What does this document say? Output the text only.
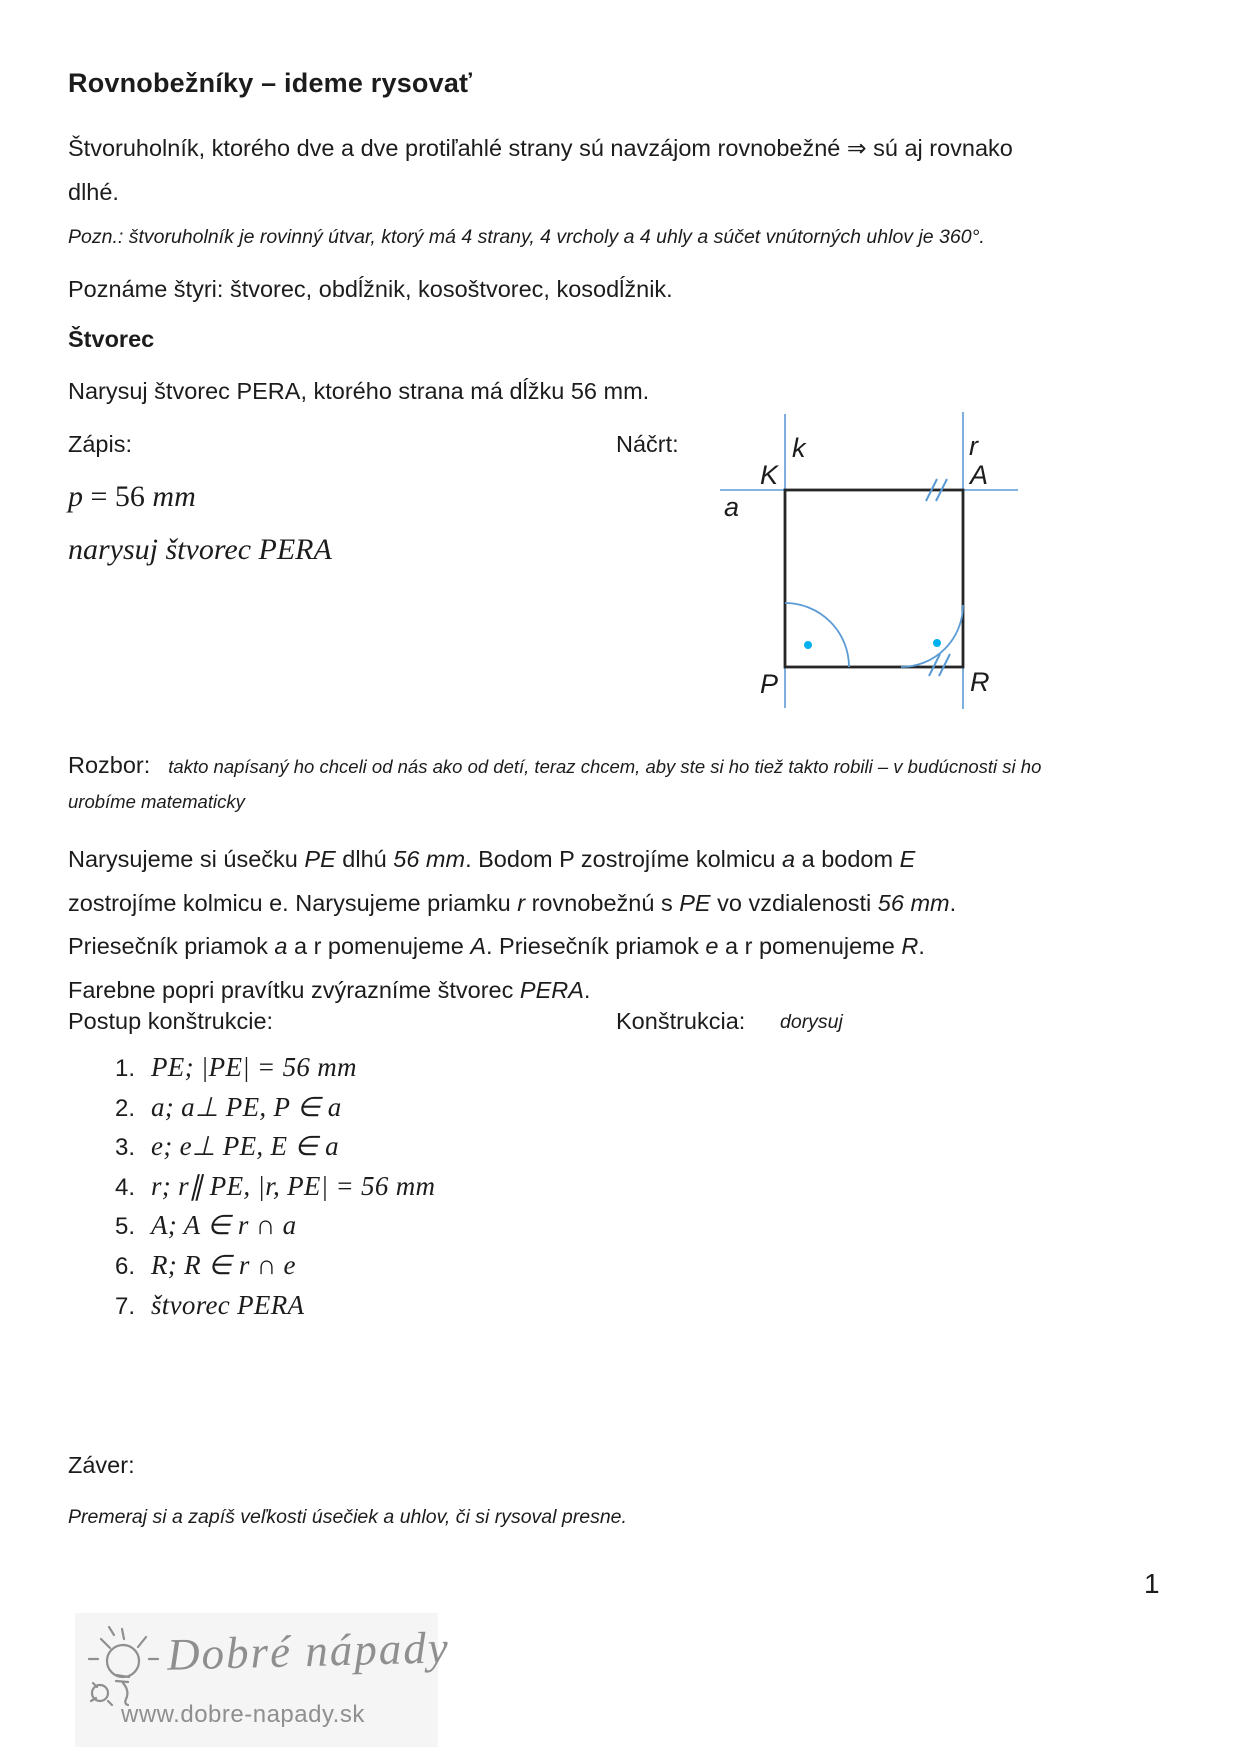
Rovnobežníky – ideme rysovať
Štvoruholník, ktorého dve a dve protiľahlé strany sú navzájom rovnobežné ⇒ sú aj rovnako
dlhé.
Pozn.: štvoruholník je rovinný útvar, ktorý má 4 strany, 4 vrcholy a 4 uhly a súčet vnútorných uhlov je 360°.
Poznáme štyri: štvorec, obdĺžnik, kosoštvorec, kosodĺžnik.
Štvorec
Narysuj štvorec PERA, ktorého strana má dĺžku 56 mm.
Zápis:	Náčrt:
p = 56 mm
narysuj štvorec PERA
k	r
K	A
a
P	R
Rozbor: takto napísaný ho chceli od nás ako od detí, teraz chcem, aby ste si ho tiež takto robili – v budúcnosti si ho
urobíme matematicky
Narysujeme si úsečku PE dlhú 56 mm. Bodom P zostrojíme kolmicu a a bodom E
zostrojíme kolmicu e. Narysujeme priamku r rovnobežnú s PE vo vzdialenosti 56 mm.
Priesečník priamok a a r pomenujeme A. Priesečník priamok e a r pomenujeme R.
Farebne popri pravítku zvýrazníme štvorec PERA.
Postup konštrukcie:	Konštrukcia: dorysuj
1. PE; |PE| = 56 mm
2. a; a⊥ PE, P ∈ a
3. e; e⊥ PE, E ∈ a
4. r; r∥ PE, |r, PE| = 56 mm
5. A; A ∈ r ∩ a
6. R; R ∈ r ∩ e
7. štvorec PERA
Záver:
Premeraj si a zapíš veľkosti úsečiek a uhlov, či si rysoval presne.
1
Dobré nápady
www.dobre-napady.sk
